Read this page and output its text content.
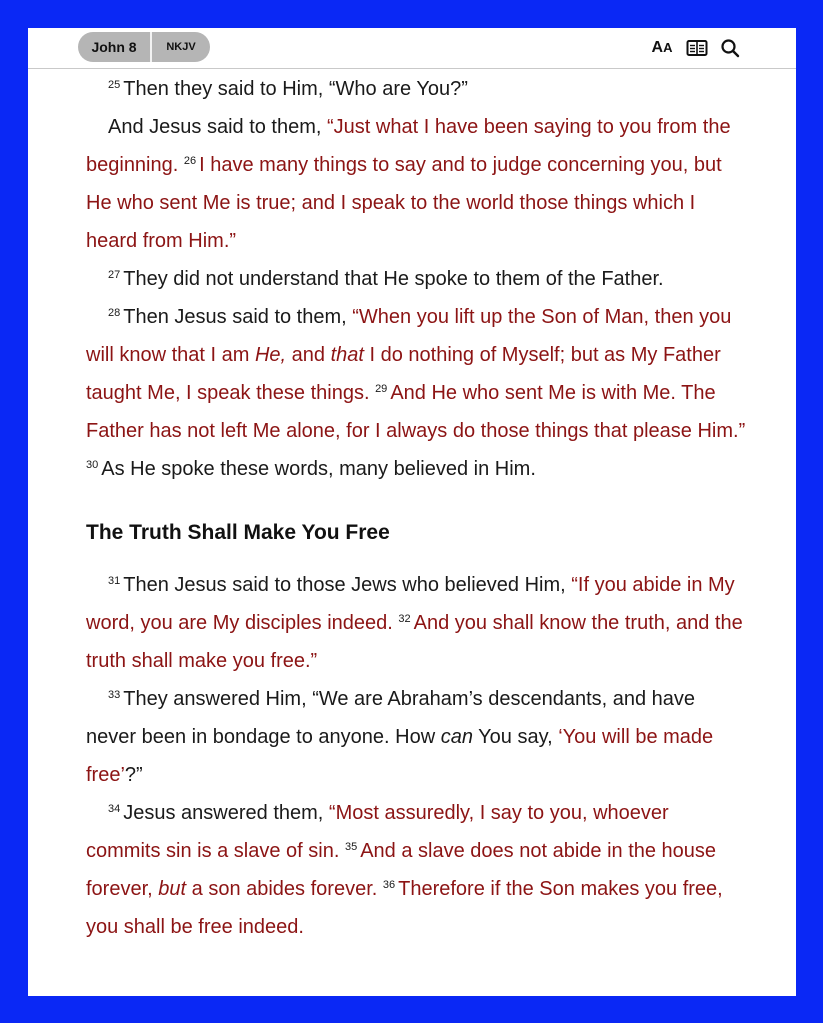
John 8	NKJV	A A

$^{25}$ Then they said to Him, “Who are You?”

And Jesus said to them, “Just what I have been saying to you from the beginning. $^{26}$ I have many things to say and to judge concerning you, but He who sent Me is true; and I speak to the world those things which I heard from Him.”

$^{27}$ They did not understand that He spoke to them of the Father.

$^{28}$ Then Jesus said to them, “When you lift up the Son of Man, then you will know that I am He, and that I do nothing of Myself; but as My Father taught Me, I speak these things. $^{29}$ And He who sent Me is with Me. The Father has not left Me alone, for I always do those things that please Him.” $^{30}$ As He spoke these words, many believed in Him.

The Truth Shall Make You Free

$^{31}$ Then Jesus said to those Jews who believed Him, “If you abide in My word, you are My disciples indeed. $^{32}$ And you shall know the truth, and the truth shall make you free.”

$^{33}$ They answered Him, “We are Abraham’s descendants, and have never been in bondage to anyone. How can You say, ‘You will be made free’?”

$^{34}$ Jesus answered them, “Most assuredly, I say to you, whoever commits sin is a slave of sin. $^{35}$ And a slave does not abide in the house forever, but a son abides forever. $^{36}$ Therefore if the Son makes you free, you shall be free indeed.
